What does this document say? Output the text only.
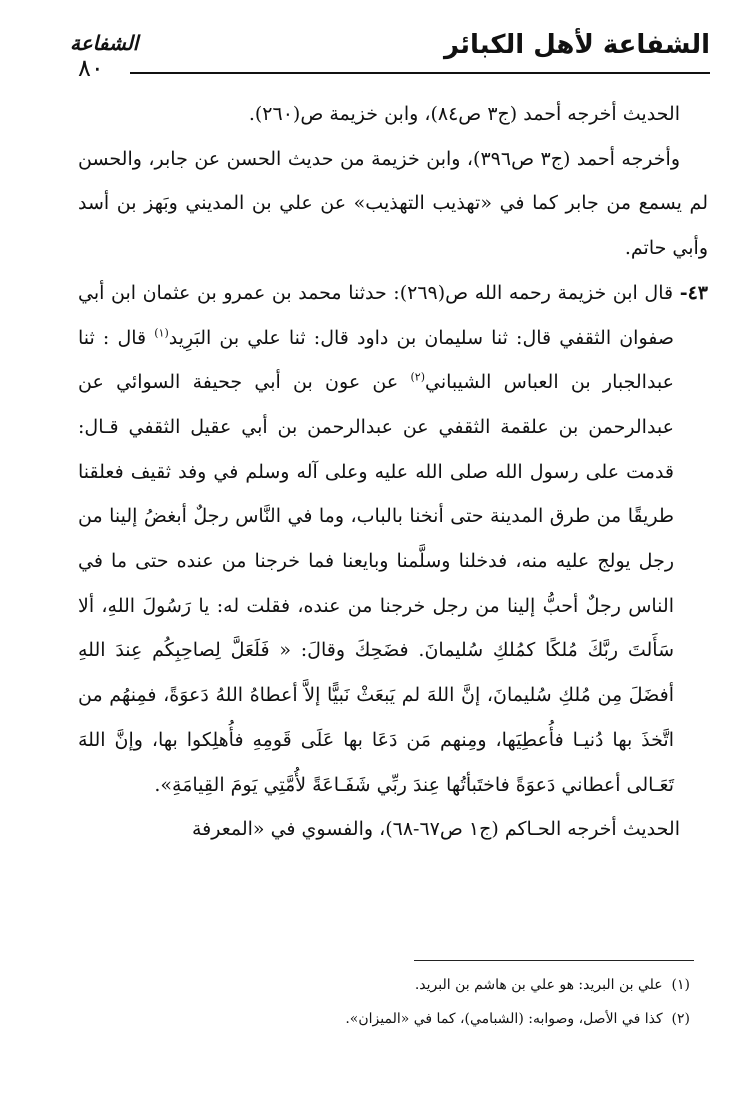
الشفاعة لأهل الكبائر
الشفاعة
٨٠

الحديث أخرجه أحمد (ج٣ ص٨٤)، وابن خزيمة ص(٢٦٠).

وأخرجه أحمد (ج٣ ص٣٩٦)، وابن خزيمة من حديث الحسن عن جابر، والحسن لم يسمع من جابر كما في «تهذيب التهذيب» عن علي بن المديني وبَهز بن أسد وأبي حاتم.

٤٣- قال ابن خزيمة رحمه الله ص(٢٦٩): حدثنا محمد بن عمرو بن عثمان ابن أبي صفوان الثقفي قال: ثنا سليمان بن داود قال: ثنا علي بن البَرِيد$^{(١)}$ قال : ثنا عبدالجبار بن العباس الشيباني$^{(٢)}$ عن عون بن أبي جحيفة السوائي عن عبدالرحمن بن علقمة الثقفي عن عبدالرحمن بن أبي عقيل الثقفي قـال: قدمت على رسول الله صلى الله عليه وعلى آله وسلم في وفد ثقيف فعلقنا طريقًا من طرق المدينة حتى أنخنا بالباب، وما في النَّاس رجلٌ أبغضُ إلينا من رجل يولج عليه منه، فدخلنا وسلَّمنا وبايعنا فما خرجنا من عنده حتى ما في الناس رجلٌ أحبُّ إلينا من رجل خرجنا من عنده، فقلت له: يا رَسُولَ اللهِ، ألا سَأَلتَ ربَّكَ مُلكًا كمُلكِ سُليمانَ. فضَحِكَ وقالَ: « فَلَعَلَّ لِصاحِبِكُم عِندَ اللهِ أفضَلَ مِن مُلكِ سُليمانَ، إنَّ اللهَ لم يَبعَثْ نَبيًّا إلاَّ أعطاهُ اللهُ دَعوَةً، فمِنهُم من اتَّخذَ بها دُنيـا فأُعطِيَها، ومِنهم مَن دَعَا بها عَلَى قَومِهِ فأُهلِكوا بها، وإنَّ اللهَ تَعَـالى أعطاني دَعوَةً فاختَبأتُها عِندَ ربِّي شَفَـاعَةً لأُمَّتِي يَومَ القِيامَةِ».

الحديث أخرجه الحـاكم (ج١ ص٦٧-٦٨)، والفسوي في «المعرفة

(١)  علي بن البريد: هو علي بن هاشم بن البريد.

(٢)  كذا في الأصل، وصوابه: (الشبامي)، كما في «الميزان».
